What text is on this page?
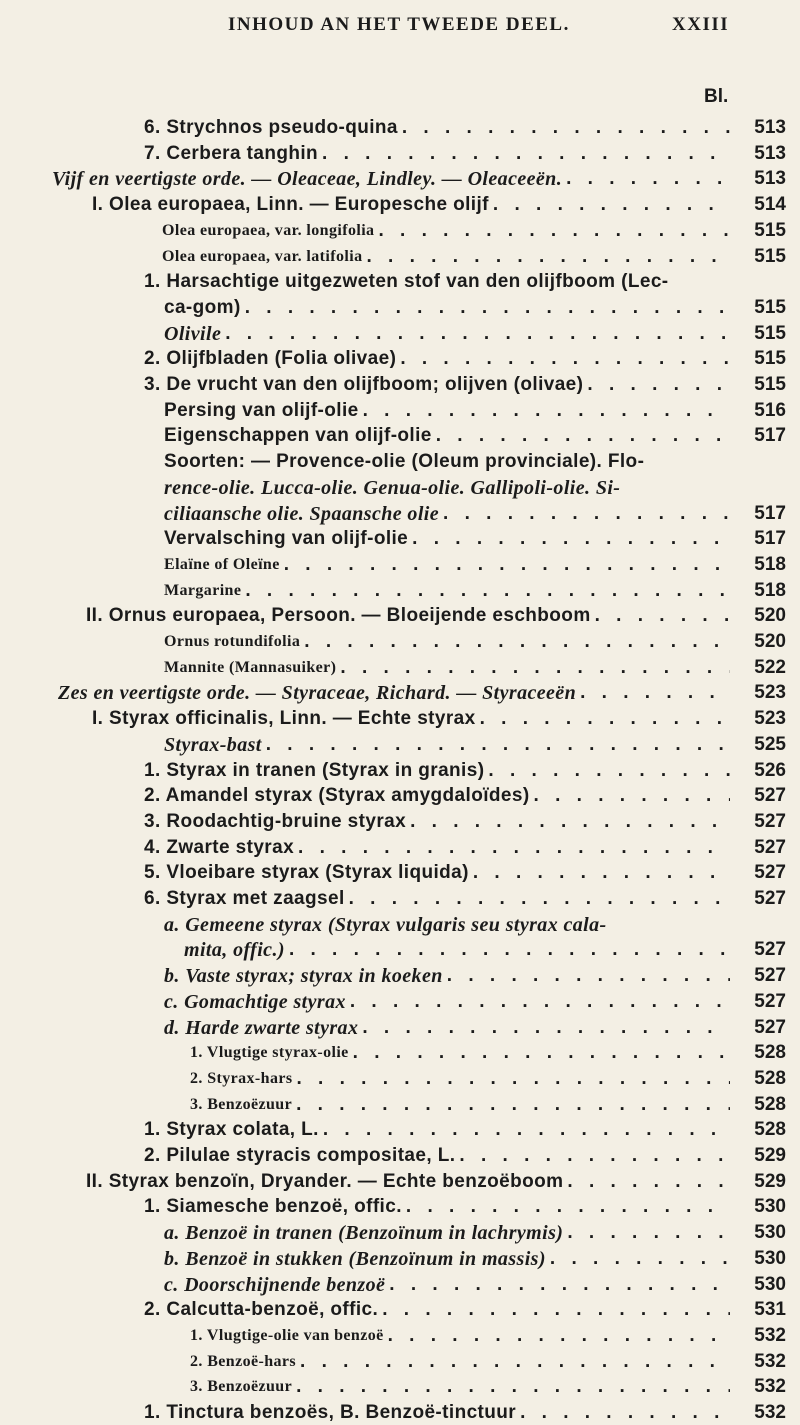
INHOUD AN HET TWEEDE DEEL.	XXIII
Bl.
6. Strychnos pseudo-quina . . .	513
7. Cerbera tanghin . . .	513
Vijf en veertigste orde. — Oleaceae, Lindley. — Oleaceeën. . . .	513
I. Olea europaea, Linn. — Europesche olijf . . .	514
Olea europaea, var. longifolia . . .	515
Olea europaea, var. latifolia . . .	515
1. Harsachtige uitgezweten stof van den olijfboom (Lec-
ca-gom) . . .	515
Olivile . . .	515
2. Olijfbladen (Folia olivae) . . .	515
3. De vrucht van den olijfboom; olijven (olivae) . . .	515
Persing van olijf-olie . . .	516
Eigenschappen van olijf-olie . . .	517
Soorten: — Provence-olie (Oleum provinciale). Flo-
rence-olie. Lucca-olie. Genua-olie. Gallipoli-olie. Si-
ciliaansche olie. Spaansche olie . . .	517
Vervalsching van olijf-olie . . .	517
Elaïne of Oleïne . . .	518
Margarine . . .	518
II. Ornus europaea, Persoon. — Bloeijende eschboom . . .	520
Ornus rotundifolia . . .	520
Mannite (Mannasuiker) . . .	522
Zes en veertigste orde. — Styraceae, Richard. — Styraceeën . . .	523
I. Styrax officinalis, Linn. — Echte styrax . . .	523
Styrax-bast . . .	525
1. Styrax in tranen (Styrax in granis) . . .	526
2. Amandel styrax (Styrax amygdaloïdes) . . .	527
3. Roodachtig-bruine styrax . . .	527
4. Zwarte styrax . . .	527
5. Vloeibare styrax (Styrax liquida) . . .	527
6. Styrax met zaagsel . . .	527
a. Gemeene styrax (Styrax vulgaris seu styrax cala-
mita, offic.) . . .	527
b. Vaste styrax; styrax in koeken . . .	527
c. Gomachtige styrax . . .	527
d. Harde zwarte styrax . . .	527
1. Vlugtige styrax-olie . . .	528
2. Styrax-hars . . .	528
3. Benzoëzuur . . .	528
1. Styrax colata, L. . . .	528
2. Pilulae styracis compositae, L. . . .	529
II. Styrax benzoïn, Dryander. — Echte benzoëboom . . .	529
1. Siamesche benzoë, offic. . . .	530
a. Benzoë in tranen (Benzoïnum in lachrymis) . . .	530
b. Benzoë in stukken (Benzoïnum in massis) . . .	530
c. Doorschijnende benzoë . . .	530
2. Calcutta-benzoë, offic. . . .	531
1. Vlugtige-olie van benzoë . . .	532
2. Benzoë-hars . . .	532
3. Benzoëzuur . . .	532
1. Tinctura benzoës, B. Benzoë-tinctuur . . .	532
